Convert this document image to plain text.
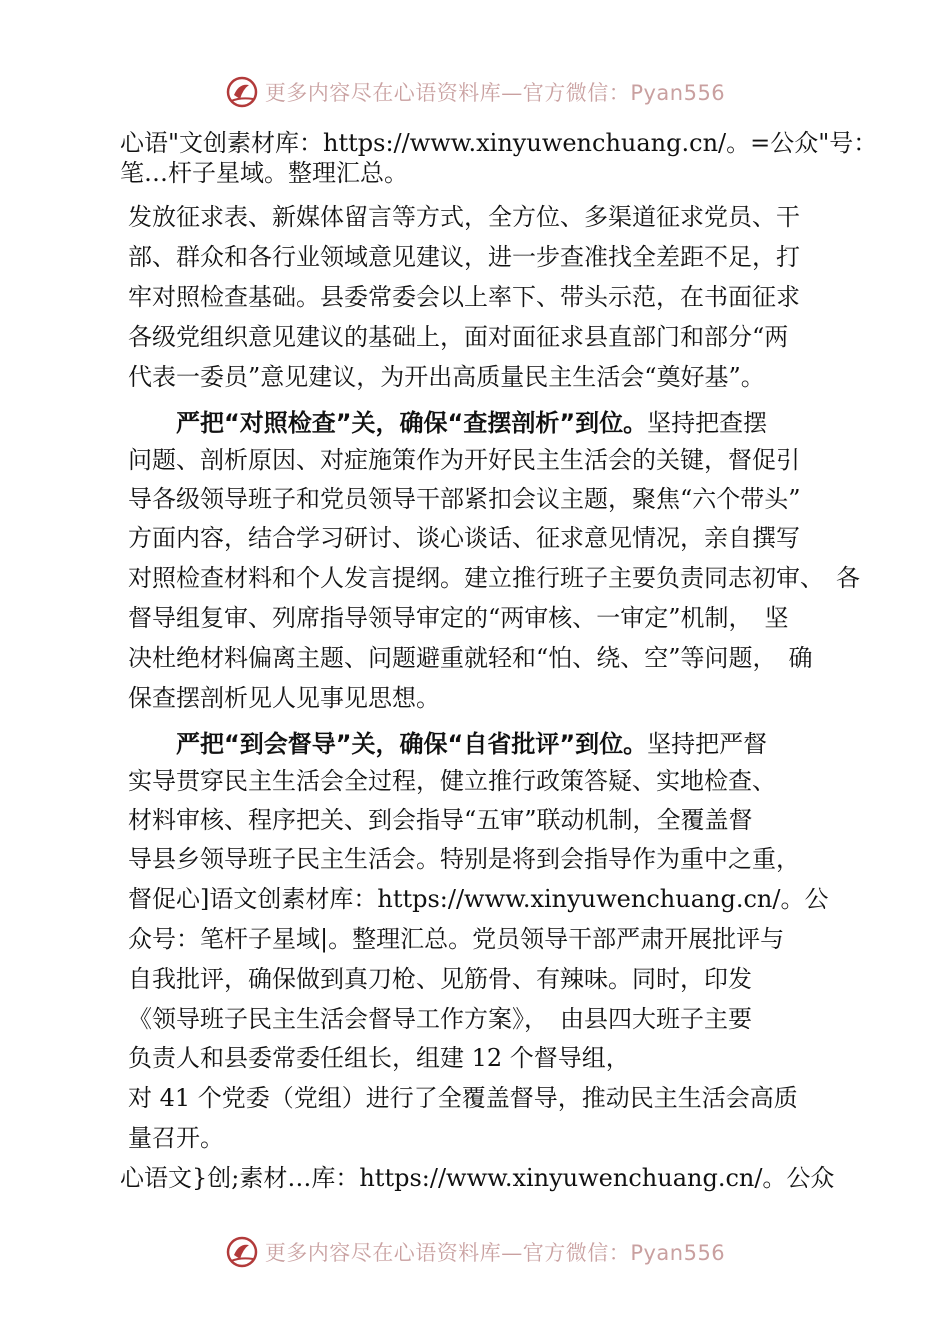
更多内容尽在心语资料库—官方微信：Pyan556
心语"文创素材库：https://www.xinyuwenchuang.cn/。=公众"号：
笔…杆子星域。整理汇总。
发放征求表、新媒体留言等方式，全方位、多渠道征求党员、干
部、群众和各行业领域意见建议，进一步查准找全差距不足，打
牢对照检查基础。县委常委会以上率下、带头示范，在书面征求
各级党组织意见建议的基础上，面对面征求县直部门和部分“两
代表一委员”意见建议，为开出高质量民主生活会“奠好基”。
严把“对照检查”关，确保“查摆剖析”到位。坚持把查摆
问题、剖析原因、对症施策作为开好民主生活会的关键，督促引
导各级领导班子和党员领导干部紧扣会议主题，聚焦“六个带头”
方面内容，结合学习研讨、谈心谈话、征求意见情况，亲自撰写
对照检查材料和个人发言提纲。建立推行班子主要负责同志初审、　各
督导组复审、列席指导领导审定的“两审核、一审定”机制，　坚
决杜绝材料偏离主题、问题避重就轻和“怕、绕、空”等问题，　确
保查摆剖析见人见事见思想。
严把“到会督导”关，确保“自省批评”到位。坚持把严督
实导贯穿民主生活会全过程，健立推行政策答疑、实地检查、
材料审核、程序把关、到会指导“五审”联动机制，全覆盖督
导县乡领导班子民主生活会。特别是将到会指导作为重中之重，
督促心]语文创素材库：https://www.xinyuwenchuang.cn/。公
众号：笔杆子星域|。整理汇总。党员领导干部严肃开展批评与
自我批评，确保做到真刀枪、见筋骨、有辣味。同时，印发
《领导班子民主生活会督导工作方案》，　由县四大班子主要
负责人和县委常委任组长，组建 12 个督导组，
对 41 个党委（党组）进行了全覆盖督导，推动民主生活会高质
量召开。
心语文}创;素材…库：https://www.xinyuwenchuang.cn/。公众
更多内容尽在心语资料库—官方微信：Pyan556
